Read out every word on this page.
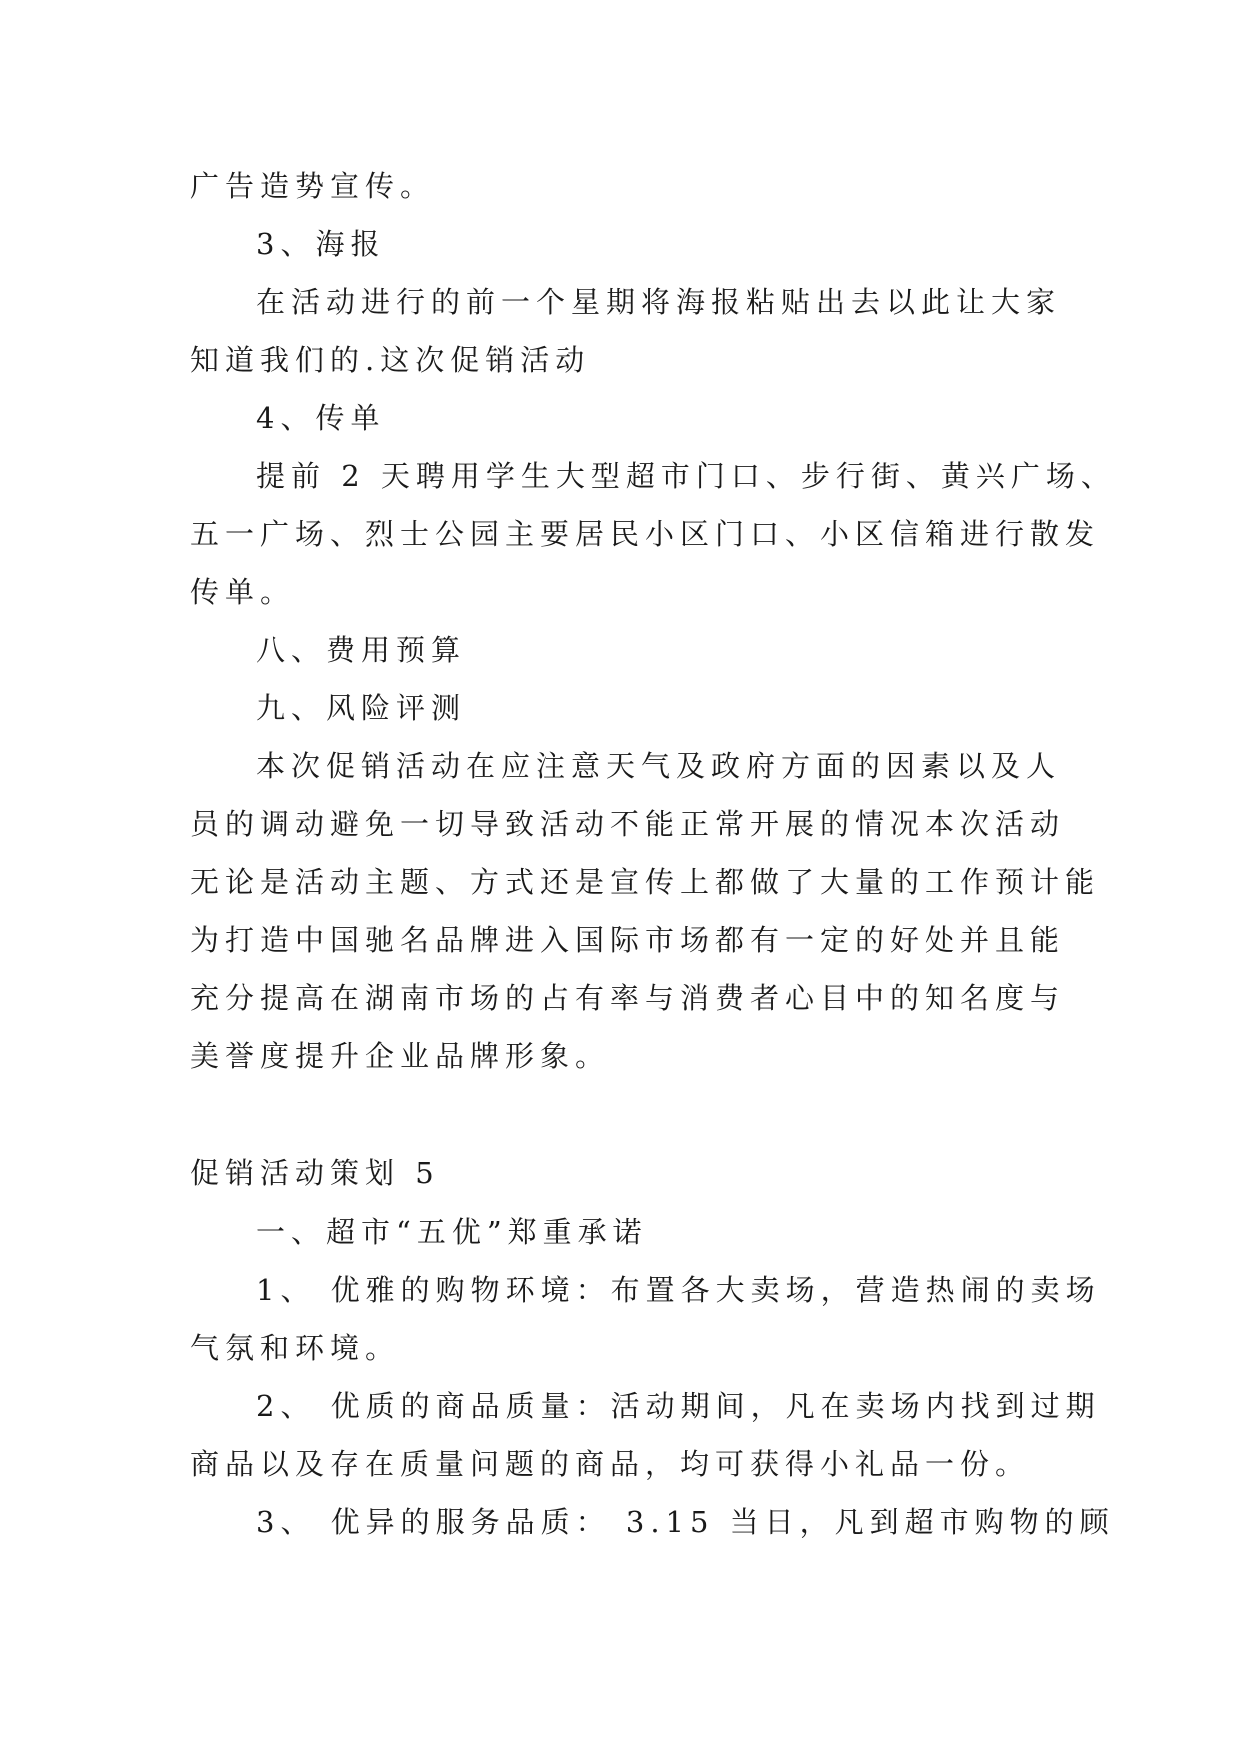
广告造势宣传。
3、海报
在活动进行的前一个星期将海报粘贴出去以此让大家
知道我们的.这次促销活动
4、传单
提前 2 天聘用学生大型超市门口、步行街、黄兴广场、
五一广场、烈士公园主要居民小区门口、小区信箱进行散发
传单。
八、费用预算
九、风险评测
本次促销活动在应注意天气及政府方面的因素以及人
员的调动避免一切导致活动不能正常开展的情况本次活动
无论是活动主题、方式还是宣传上都做了大量的工作预计能
为打造中国驰名品牌进入国际市场都有一定的好处并且能
充分提高在湖南市场的占有率与消费者心目中的知名度与
美誉度提升企业品牌形象。
促销活动策划 5
一、超市“五优”郑重承诺
1、 优雅的购物环境：布置各大卖场，营造热闹的卖场
气氛和环境。
2、 优质的商品质量：活动期间，凡在卖场内找到过期
商品以及存在质量问题的商品，均可获得小礼品一份。
3、 优异的服务品质： 3.15 当日，凡到超市购物的顾
